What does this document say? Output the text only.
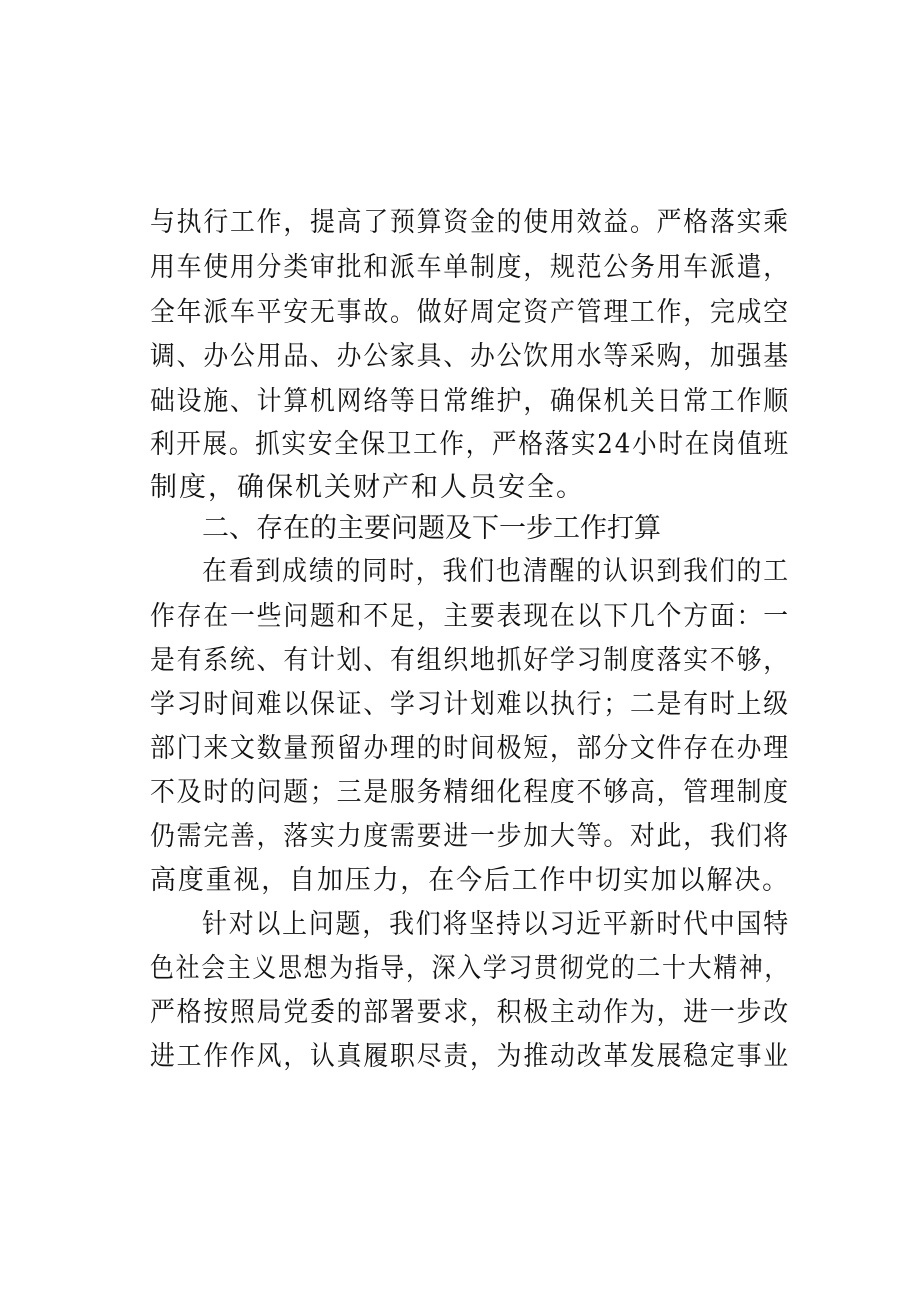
与执行工作，提高了预算资金的使用效益。严格落实乘
用车使用分类审批和派车单制度，规范公务用车派遣，
全年派车平安无事故。做好周定资产管理工作，完成空
调、办公用品、办公家具、办公饮用水等采购，加强基
础设施、计算机网络等日常维护，确保机关日常工作顺
利开展。抓实安全保卫工作，严格落实24小时在岗值班
制度，确保机关财产和人员安全。
二、存在的主要问题及下一步工作打算
在看到成绩的同时，我们也清醒的认识到我们的工
作存在一些问题和不足，主要表现在以下几个方面：一
是有系统、有计划、有组织地抓好学习制度落实不够，
学习时间难以保证、学习计划难以执行；二是有时上级
部门来文数量预留办理的时间极短，部分文件存在办理
不及时的问题；三是服务精细化程度不够高，管理制度
仍需完善，落实力度需要进一步加大等。对此，我们将
高度重视，自加压力，在今后工作中切实加以解决。
针对以上问题，我们将坚持以习近平新时代中国特
色社会主义思想为指导，深入学习贯彻党的二十大精神，
严格按照局党委的部署要求，积极主动作为，进一步改
进工作作风，认真履职尽责，为推动改革发展稳定事业
